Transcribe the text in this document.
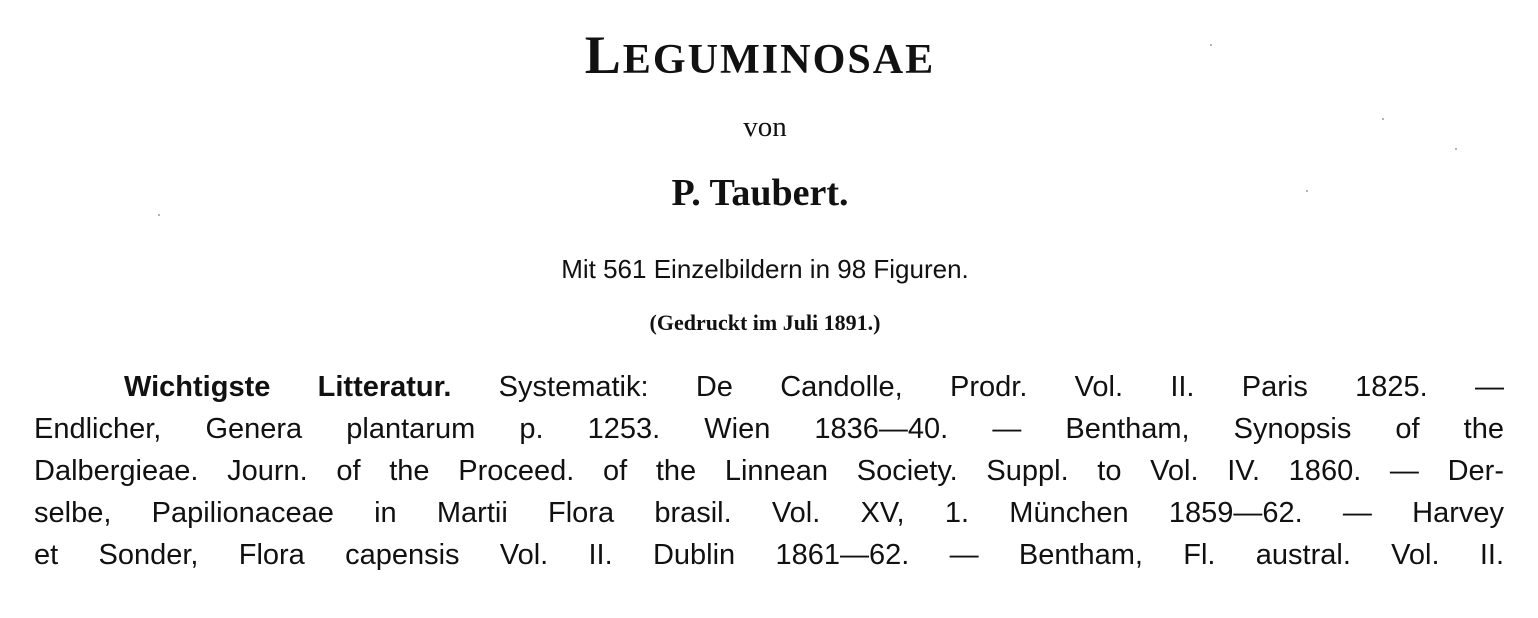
LEGUMINOSAE
von
P. Taubert.
Mit 561 Einzelbildern in 98 Figuren.
(Gedruckt im Juli 1891.)
Wichtigste Litteratur. Systematik: De Candolle, Prodr. Vol. II. Paris 1825. —
Endlicher, Genera plantarum p. 1253. Wien 1836—40. — Bentham, Synopsis of the
Dalbergieae. Journ. of the Proceed. of the Linnean Society. Suppl. to Vol. IV. 1860. — Der-
selbe, Papilionaceae in Martii Flora brasil. Vol. XV, 1. München 1859—62. — Harvey
et Sonder, Flora capensis Vol. II. Dublin 1861—62. — Bentham, Fl. austral. Vol. II.
